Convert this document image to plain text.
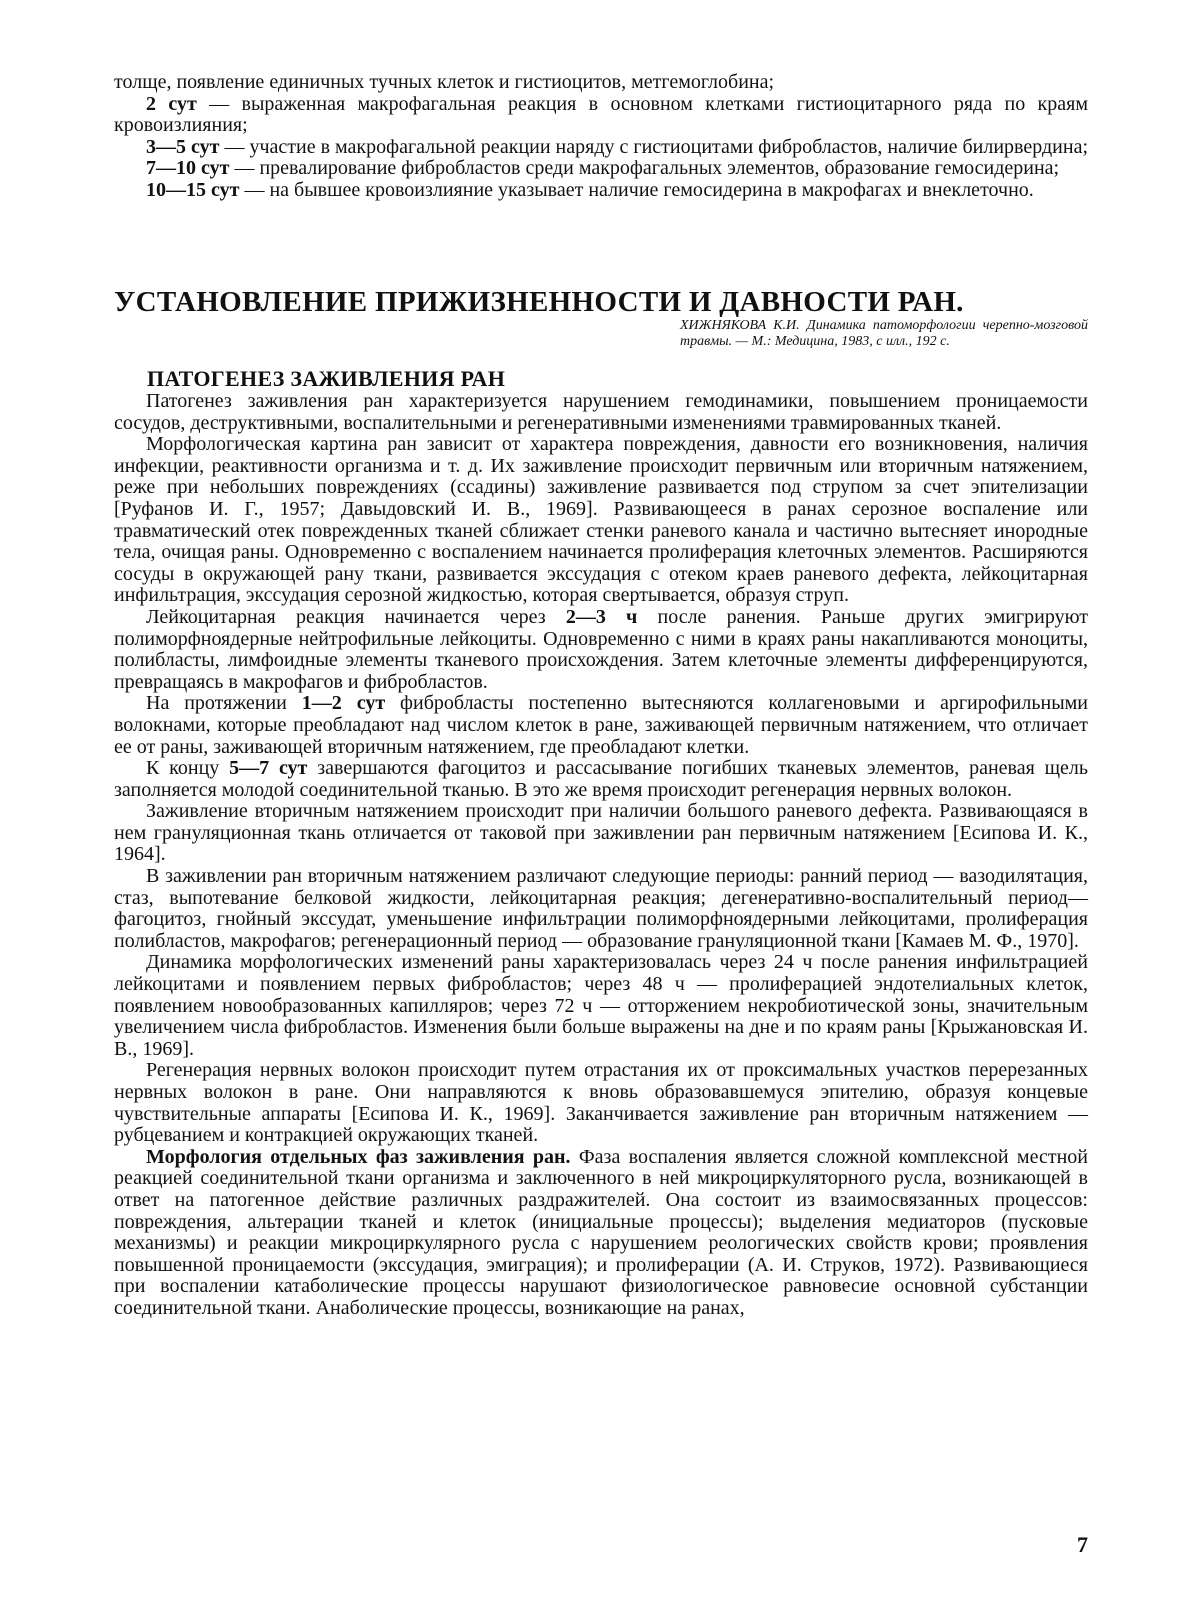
толще, появление единичных тучных клеток и гистиоцитов, метгемоглобина;

2 сут — выраженная макрофагальная реакция в основном клетками гистиоцитарного ряда по краям кровоизлияния;

3—5 сут — участие в макрофагальной реакции наряду с гистиоцитами фибробластов, наличие билирвердина;

7—10 сут — превалирование фибробластов среди макрофагальных элементов, образование гемосидерина;

10—15 сут — на бывшее кровоизлияние указывает наличие гемосидерина в макрофагах и внеклеточно.

УСТАНОВЛЕНИЕ ПРИЖИЗНЕННОСТИ И ДАВНОСТИ РАН.

ХИЖНЯКОВА К.И. Динамика патоморфологии черепно-мозговой травмы. — М.: Медицина, 1983, с илл., 192 с.

ПАТОГЕНЕЗ ЗАЖИВЛЕНИЯ РАН

Патогенез заживления ран характеризуется нарушением гемодинамики, повышением проницаемости сосудов, деструктивными, воспалительными и регенеративными изменениями травмированных тканей.

Морфологическая картина ран зависит от характера повреждения, давности его возникновения, наличия инфекции, реактивности организма и т. д. Их заживление происходит первичным или вторичным натяжением, реже при небольших повреждениях (ссадины) заживление развивается под струпом за счет эпителизации [Руфанов И. Г., 1957; Давыдовский И. В., 1969]. Развивающееся в ранах серозное воспаление или травматический отек поврежденных тканей сближает стенки раневого канала и частично вытесняет инородные тела, очищая раны. Одновременно с воспалением начинается пролиферация клеточных элементов. Расширяются сосуды в окружающей рану ткани, развивается экссудация с отеком краев раневого дефекта, лейкоцитарная инфильтрация, экссудация серозной жидкостью, которая свертывается, образуя струп.

Лейкоцитарная реакция начинается через 2—3 ч после ранения. Раньше других эмигрируют полиморфноядерные нейтрофильные лейкоциты. Одновременно с ними в краях раны накапливаются моноциты, полибласты, лимфоидные элементы тканевого происхождения. Затем клеточные элементы дифференцируются, превращаясь в макрофагов и фибробластов.

На протяжении 1—2 сут фибробласты постепенно вытесняются коллагеновыми и аргирофильными волокнами, которые преобладают над числом клеток в ране, заживающей первичным натяжением, что отличает ее от раны, заживающей вторичным натяжением, где преобладают клетки.

К концу 5—7 сут завершаются фагоцитоз и рассасывание погибших тканевых элементов, раневая щель заполняется молодой соединительной тканью. В это же время происходит регенерация нервных волокон.

Заживление вторичным натяжением происходит при наличии большого раневого дефекта. Развивающаяся в нем грануляционная ткань отличается от таковой при заживлении ран первичным натяжением [Есипова И. К., 1964].

В заживлении ран вторичным натяжением различают следующие периоды: ранний период — вазодилятация, стаз, выпотевание белковой жидкости, лейкоцитарная реакция; дегенеративно-воспалительный период—фагоцитоз, гнойный экссудат, уменьшение инфильтрации полиморфноядерными лейкоцитами, пролиферация полибластов, макрофагов; регенерационный период — образование грануляционной ткани [Камаев М. Ф., 1970].

Динамика морфологических изменений раны характеризовалась через 24 ч после ранения инфильтрацией лейкоцитами и появлением первых фибробластов; через 48 ч — пролиферацией эндотелиальных клеток, появлением новообразованных капилляров; через 72 ч — отторжением некробиотической зоны, значительным увеличением числа фибробластов. Изменения были больше выражены на дне и по краям раны [Крыжановская И. В., 1969].

Регенерация нервных волокон происходит путем отрастания их от проксимальных участков перерезанных нервных волокон в ране. Они направляются к вновь образовавшемуся эпителию, образуя концевые чувствительные аппараты [Есипова И. К., 1969]. Заканчивается заживление ран вторичным натяжением — рубцеванием и контракцией окружающих тканей.

Морфология отдельных фаз заживления ран. Фаза воспаления является сложной комплексной местной реакцией соединительной ткани организма и заключенного в ней микроциркуляторного русла, возникающей в ответ на патогенное действие различных раздражителей. Она состоит из взаимосвязанных процессов: повреждения, альтерации тканей и клеток (инициальные процессы); выделения медиаторов (пусковые механизмы) и реакции микроциркулярного русла с нарушением реологических свойств крови; проявления повышенной проницаемости (экссудация, эмиграция); и пролиферации (А. И. Струков, 1972). Развивающиеся при воспалении катаболические процессы нарушают физиологическое равновесие основной субстанции соединительной ткани. Анаболические процессы, возникающие на ранах,

7
